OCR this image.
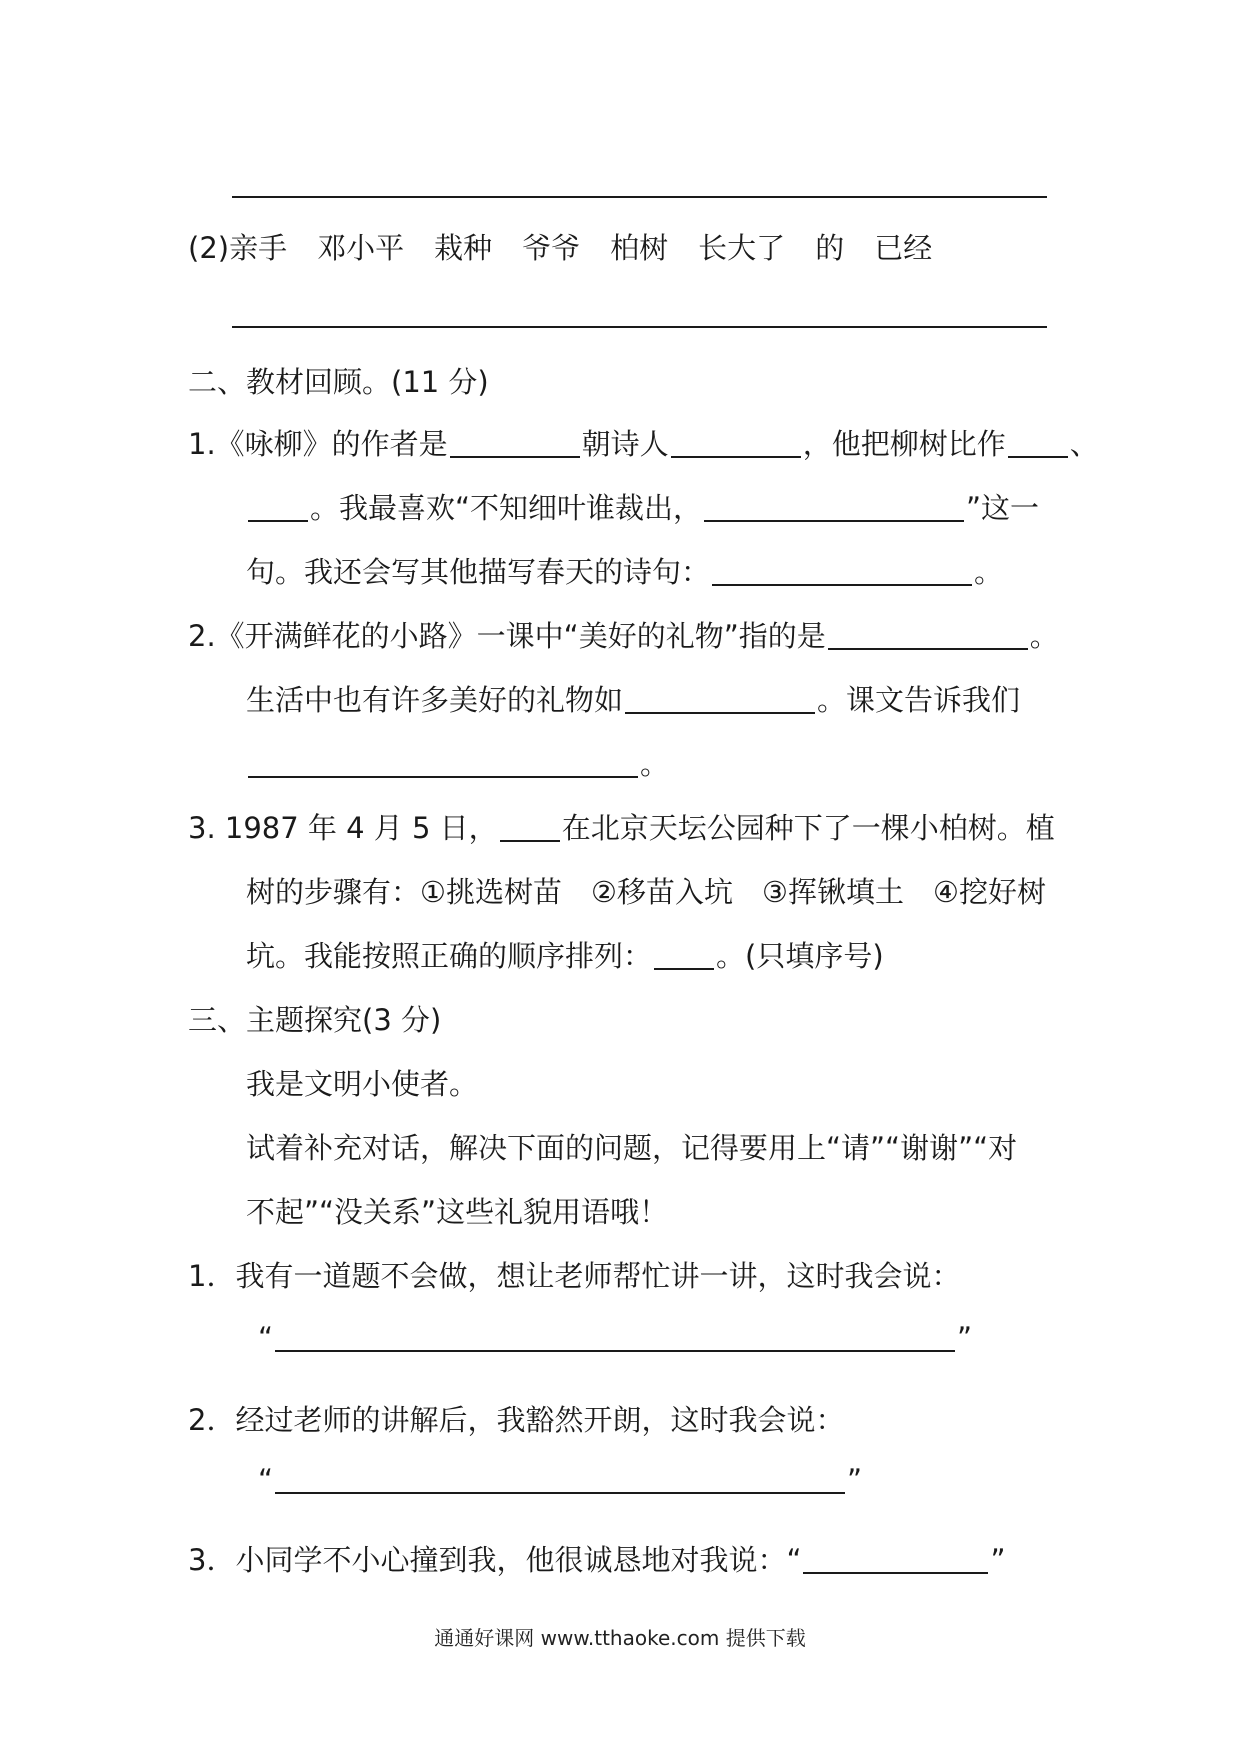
(2)亲手 邓小平 栽种 爷爷 柏树 长大了 的 已经
二、教材回顾。(11 分)
1.《咏柳》的作者是	朝诗人	，他把柳树比作 、
。我最喜欢“不知细叶谁裁出，	”这一
句。我还会写其他描写春天的诗句：	。
2.《开满鲜花的小路》一课中“美好的礼物”指的是	。
生活中也有许多美好的礼物如	。课文告诉我们
。
3. 1987 年 4 月 5 日， 在北京天坛公园种下了一棵小柏树。植
树的步骤有：①挑选树苗　②移苗入坑　③挥锹填土　④挖好树
坑。我能按照正确的顺序排列： 。(只填序号)
三、主题探究(3 分)
我是文明小使者。
试着补充对话，解决下面的问题，记得要用上“请”“谢谢”“对
不起”“没关系”这些礼貌用语哦！
1．我有一道题不会做，想让老师帮忙讲一讲，这时我会说：
“	”
2．经过老师的讲解后，我豁然开朗，这时我会说：
“	”
3．小同学不小心撞到我，他很诚恳地对我说：“	”
通通好课网 www.tthaoke.com 提供下载
